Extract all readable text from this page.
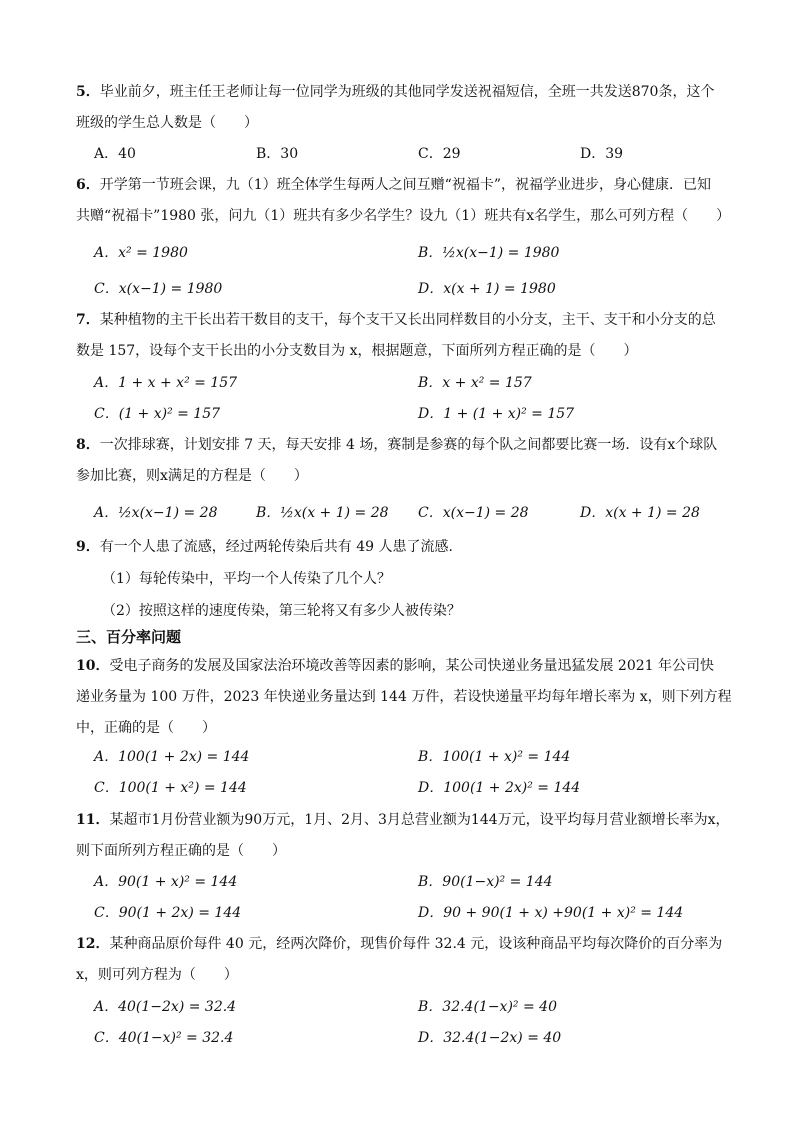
5．毕业前夕，班主任王老师让每一位同学为班级的其他同学发送祝福短信，全班一共发送870条，这个
班级的学生总人数是（　　）
A．40	B．30	C．29	D．39
6．开学第一节班会课，九（1）班全体学生每两人之间互赠“祝福卡”，祝福学业进步，身心健康．已知
共赠“祝福卡”1980 张，问九（1）班共有多少名学生？设九（1）班共有x名学生，那么可列方程（　　）
A．x² = 1980	B．½x(x−1) = 1980
C．x(x−1) = 1980	D．x(x + 1) = 1980
7．某种植物的主干长出若干数目的支干，每个支干又长出同样数目的小分支，主干、支干和小分支的总
数是 157，设每个支干长出的小分支数目为 x，根据题意，下面所列方程正确的是（　　）
A．1 + x + x² = 157	B．x + x² = 157
C．(1 + x)² = 157	D．1 + (1 + x)² = 157
8．一次排球赛，计划安排 7 天，每天安排 4 场，赛制是参赛的每个队之间都要比赛一场．设有x个球队
参加比赛，则x满足的方程是（　　）
A．½x(x−1) = 28	B．½x(x + 1) = 28 C．x(x−1) = 28	D．x(x + 1) = 28
9．有一个人患了流感，经过两轮传染后共有 49 人患了流感．
（1）每轮传染中，平均一个人传染了几个人？
（2）按照这样的速度传染，第三轮将又有多少人被传染？
三、百分率问题
10．受电子商务的发展及国家法治环境改善等因素的影响，某公司快递业务量迅猛发展 2021 年公司快
递业务量为 100 万件，2023 年快递业务量达到 144 万件，若设快递量平均每年增长率为 x，则下列方程
中，正确的是（　　）
A．100(1 + 2x) = 144	B．100(1 + x)² = 144
C．100(1 + x²) = 144	D．100(1 + 2x)² = 144
11．某超市1月份营业额为90万元，1月、2月、3月总营业额为144万元，设平均每月营业额增长率为x，
则下面所列方程正确的是（　　）
A．90(1 + x)² = 144	B．90(1−x)² = 144
C．90(1 + 2x) = 144	D．90 + 90(1 + x) +90(1 + x)² = 144
12．某种商品原价每件 40 元，经两次降价，现售价每件 32.4 元，设该种商品平均每次降价的百分率为
x，则可列方程为（　　）
A．40(1−2x) = 32.4	B．32.4(1−x)² = 40
C．40(1−x)² = 32.4	D．32.4(1−2x) = 40
